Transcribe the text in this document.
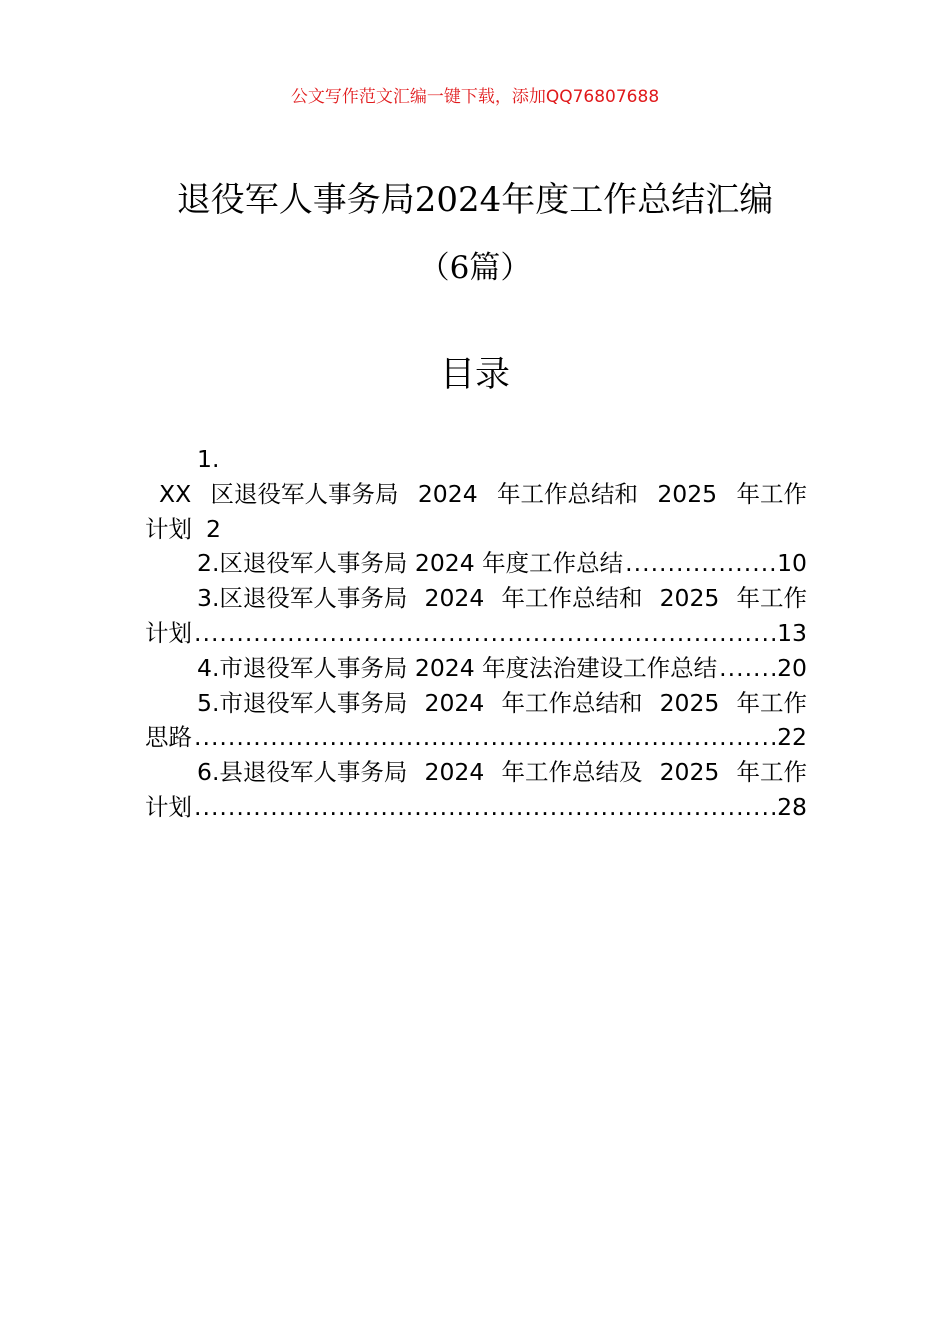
公文写作范文汇编一键下载，添加QQ76807688
退役军人事务局2024年度工作总结汇编
（6篇）
目录
1.
XX 区退役军人事务局 2024 年工作总结和 2025 年工作
计划 2
2.区退役军人事务局 2024 年度工作总结 .....	10
3.区退役军人事务局 2024 年工作总结和 2025 年工作
计划 .....	13
4.市退役军人事务局 2024 年度法治建设工作总结 .....	20
5.市退役军人事务局 2024 年工作总结和 2025 年工作
思路 .....	22
6.县退役军人事务局 2024 年工作总结及 2025 年工作
计划 .....	28
